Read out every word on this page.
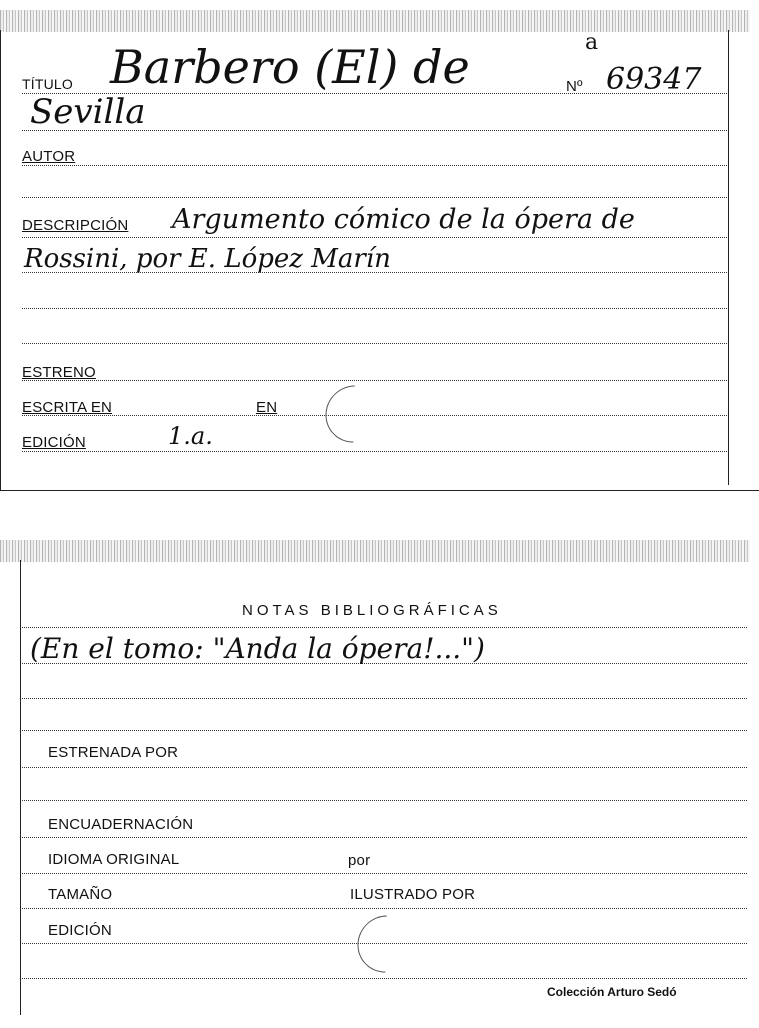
TÍTULO Barbero (El) de
Sevilla
Nº
a
69347
AUTOR
DESCRIPCIÓN Argumento cómico de la ópera de
Rossini, por E. López Marín
ESTRENO
ESCRITA EN	EN
EDICIÓN	1.a.
NOTAS BIBLIOGRÁFICAS
(En el tomo: "Anda la ópera!...")
ESTRENADA POR
ENCUADERNACIÓN
IDIOMA ORIGINAL	por
TAMAÑO	ILUSTRADO POR
EDICIÓN
Colección Arturo Sedó
